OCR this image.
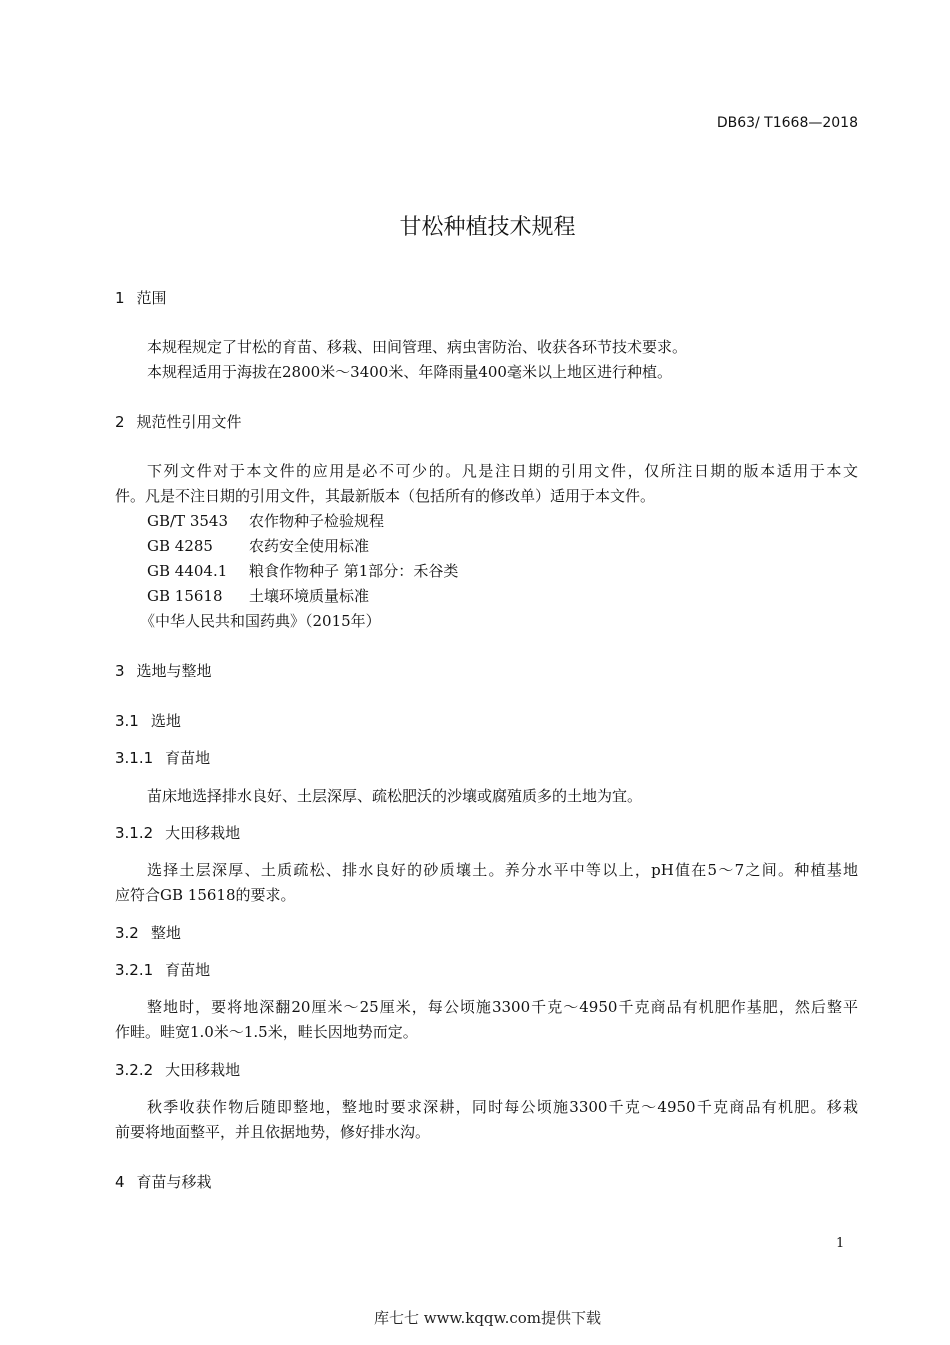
DB63/ T1668—2018
甘松种植技术规程
1 范围
本规程规定了甘松的育苗、移栽、田间管理、病虫害防治、收获各环节技术要求。
本规程适用于海拔在2800米～3400米、年降雨量400毫米以上地区进行种植。
2 规范性引用文件
下列文件对于本文件的应用是必不可少的。凡是注日期的引用文件，仅所注日期的版本适用于本文
件。凡是不注日期的引用文件，其最新版本（包括所有的修改单）适用于本文件。
GB/T 3543 农作物种子检验规程
GB 4285 农药安全使用标准
GB 4404.1 粮食作物种子 第1部分：禾谷类
GB 15618 土壤环境质量标准
《中华人民共和国药典》（2015年）
3 选地与整地
3.1 选地
3.1.1 育苗地
苗床地选择排水良好、土层深厚、疏松肥沃的沙壤或腐殖质多的土地为宜。
3.1.2 大田移栽地
选择土层深厚、土质疏松、排水良好的砂质壤土。养分水平中等以上，pH值在5～7之间。种植基地
应符合GB 15618的要求。
3.2 整地
3.2.1 育苗地
整地时，要将地深翻20厘米～25厘米，每公顷施3300千克～4950千克商品有机肥作基肥，然后整平
作畦。畦宽1.0米～1.5米，畦长因地势而定。
3.2.2 大田移栽地
秋季收获作物后随即整地，整地时要求深耕，同时每公顷施3300千克～4950千克商品有机肥。移栽
前要将地面整平，并且依据地势，修好排水沟。
4 育苗与移栽
1
库七七 www.kqqw.com提供下载
